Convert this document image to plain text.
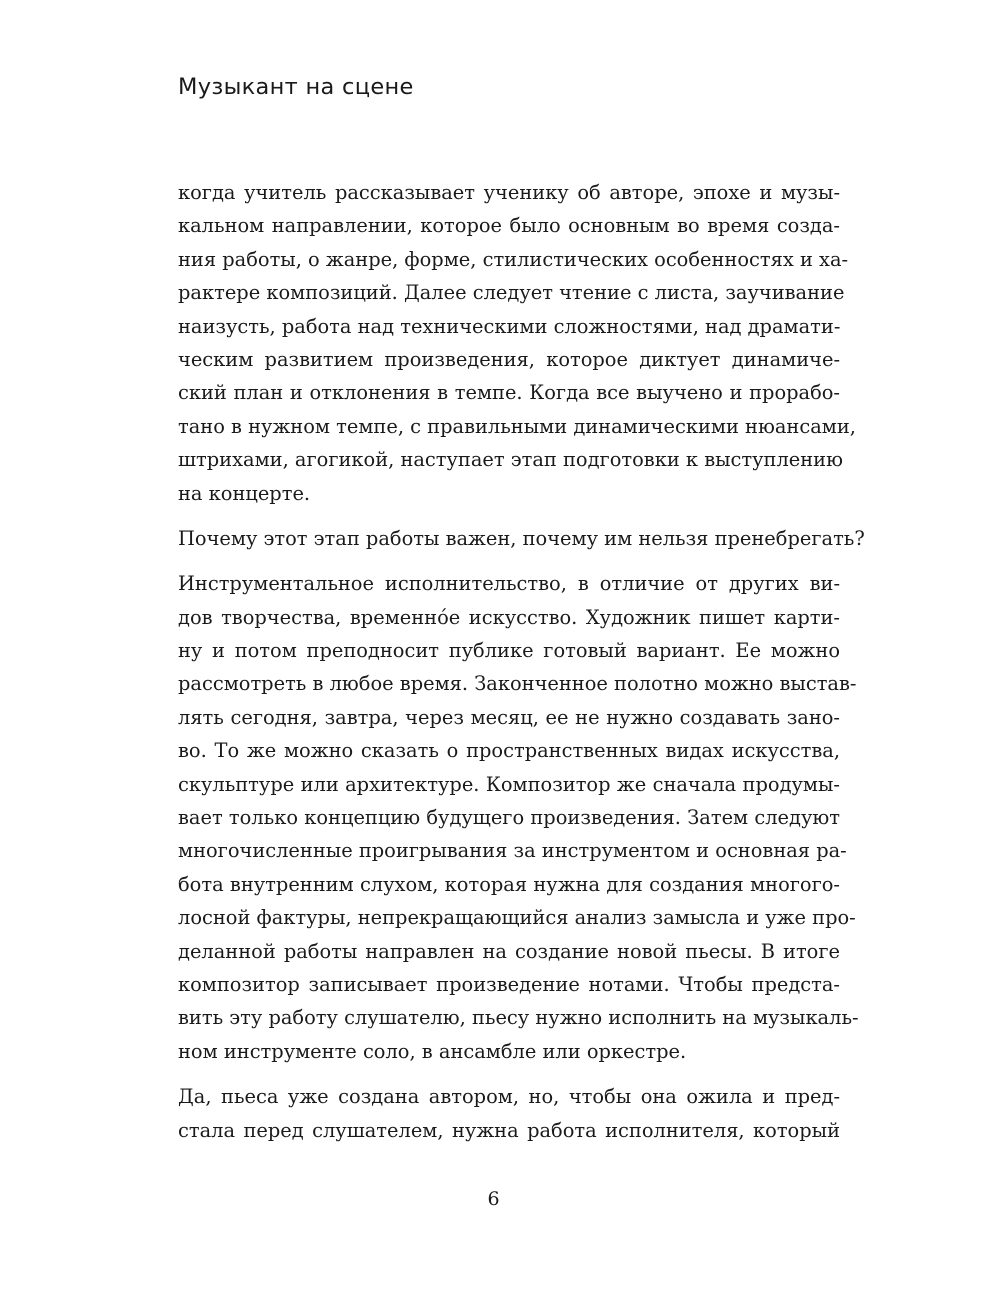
Музыкант на сцене
когда учитель рассказывает ученику об авторе, эпохе и музы-
кальном направлении, которое было основным во время созда-
ния работы, о жанре, форме, стилистических особенностях и ха-
рактере композиций. Далее следует чтение с листа, заучивание
наизусть, работа над техническими сложностями, над драмати-
ческим развитием произведения, которое диктует динамиче-
ский план и отклонения в темпе. Когда все выучено и прорабо-
тано в нужном темпе, с правильными динамическими нюансами,
штрихами, агогикой, наступает этап подготовки к выступлению
на концерте.
Почему этот этап работы важен, почему им нельзя пренебрегать?
Инструментальное исполнительство, в отличие от других ви-
дов творчества, временнóе искусство. Художник пишет карти-
ну и потом преподносит публике готовый вариант. Ее можно
рассмотреть в любое время. Законченное полотно можно выстав-
лять сегодня, завтра, через месяц, ее не нужно создавать зано-
во. То же можно сказать о пространственных видах искусства,
скульптуре или архитектуре. Композитор же сначала продумы-
вает только концепцию будущего произведения. Затем следуют
многочисленные проигрывания за инструментом и основная ра-
бота внутренним слухом, которая нужна для создания многого-
лосной фактуры, непрекращающийся анализ замысла и уже про-
деланной работы направлен на создание новой пьесы. В итоге
композитор записывает произведение нотами. Чтобы предста-
вить эту работу слушателю, пьесу нужно исполнить на музыкаль-
ном инструменте соло, в ансамбле или оркестре.
Да, пьеса уже создана автором, но, чтобы она ожила и пред-
стала перед слушателем, нужна работа исполнителя, который
6
